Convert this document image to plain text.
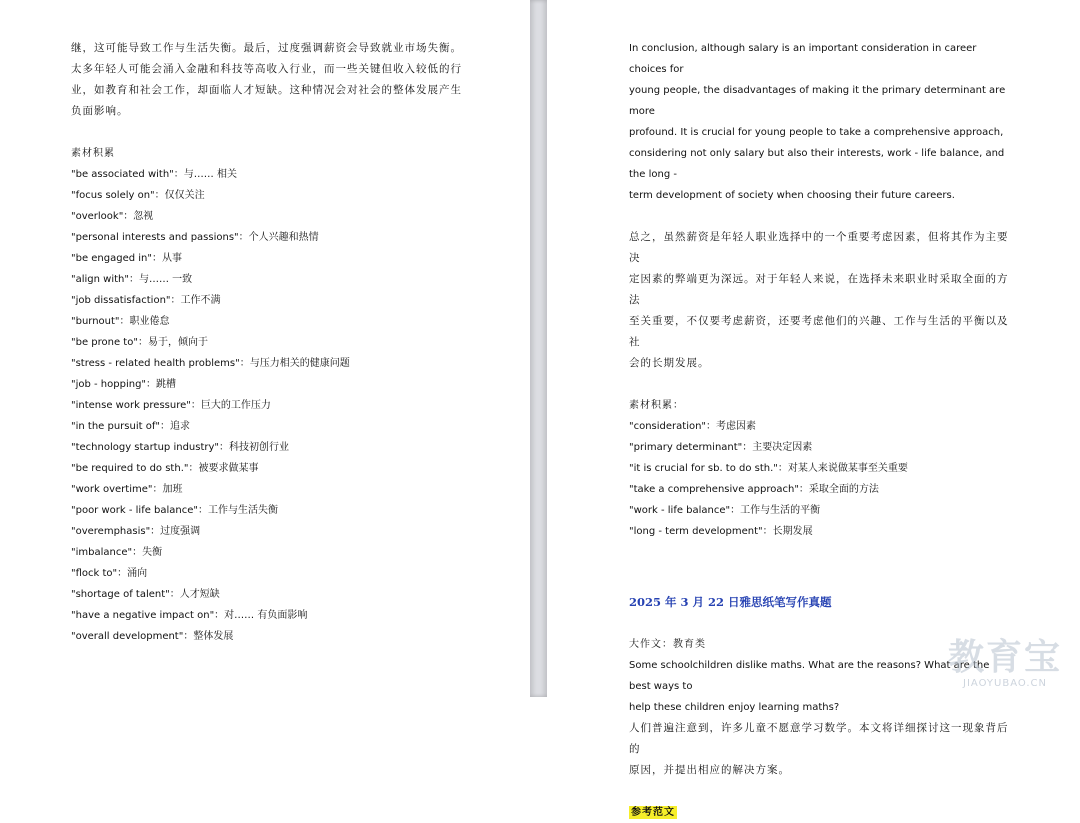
继，这可能导致工作与生活失衡。最后，过度强调薪资会导致就业市场失衡。

太多年轻人可能会涌入金融和科技等高收入行业，而一些关键但收入较低的行

业，如教育和社会工作，却面临人才短缺。这种情况会对社会的整体发展产生

负面影响。

素材积累

"be associated with"：与…… 相关
"focus solely on"：仅仅关注
"overlook"：忽视
"personal interests and passions"：个人兴趣和热情
"be engaged in"：从事
"align with"：与…… 一致
"job dissatisfaction"：工作不满
"burnout"：职业倦怠
"be prone to"：易于，倾向于
"stress - related health problems"：与压力相关的健康问题
"job - hopping"：跳槽
"intense work pressure"：巨大的工作压力
"in the pursuit of"：追求
"technology startup industry"：科技初创行业
"be required to do sth."：被要求做某事
"work overtime"：加班
"poor work - life balance"：工作与生活失衡
"overemphasis"：过度强调
"imbalance"：失衡
"flock to"：涌向
"shortage of talent"：人才短缺
"have a negative impact on"：对…… 有负面影响
"overall development"：整体发展

In conclusion, although salary is an important consideration in career choices for

young people, the disadvantages of making it the primary determinant are more

profound. It is crucial for young people to take a comprehensive approach,

considering not only salary but also their interests, work - life balance, and the long -

term development of society when choosing their future careers.

总之，虽然薪资是年轻人职业选择中的一个重要考虑因素，但将其作为主要决

定因素的弊端更为深远。对于年轻人来说，在选择未来职业时采取全面的方法

至关重要，不仅要考虑薪资，还要考虑他们的兴趣、工作与生活的平衡以及社

会的长期发展。

素材积累：

"consideration"：考虑因素
"primary determinant"：主要决定因素
"it is crucial for sb. to do sth."：对某人来说做某事至关重要
"take a comprehensive approach"：采取全面的方法
"work - life balance"：工作与生活的平衡
"long - term development"：长期发展

2025 年 3 月 22 日雅思纸笔写作真题

大作文：教育类

Some schoolchildren dislike maths. What are the reasons? What are the best ways to

help these children enjoy learning maths?

人们普遍注意到，许多儿童不愿意学习数学。本文将详细探讨这一现象背后的

原因，并提出相应的解决方案。

参考范文

教育宝
JIAOYUBAO.CN
